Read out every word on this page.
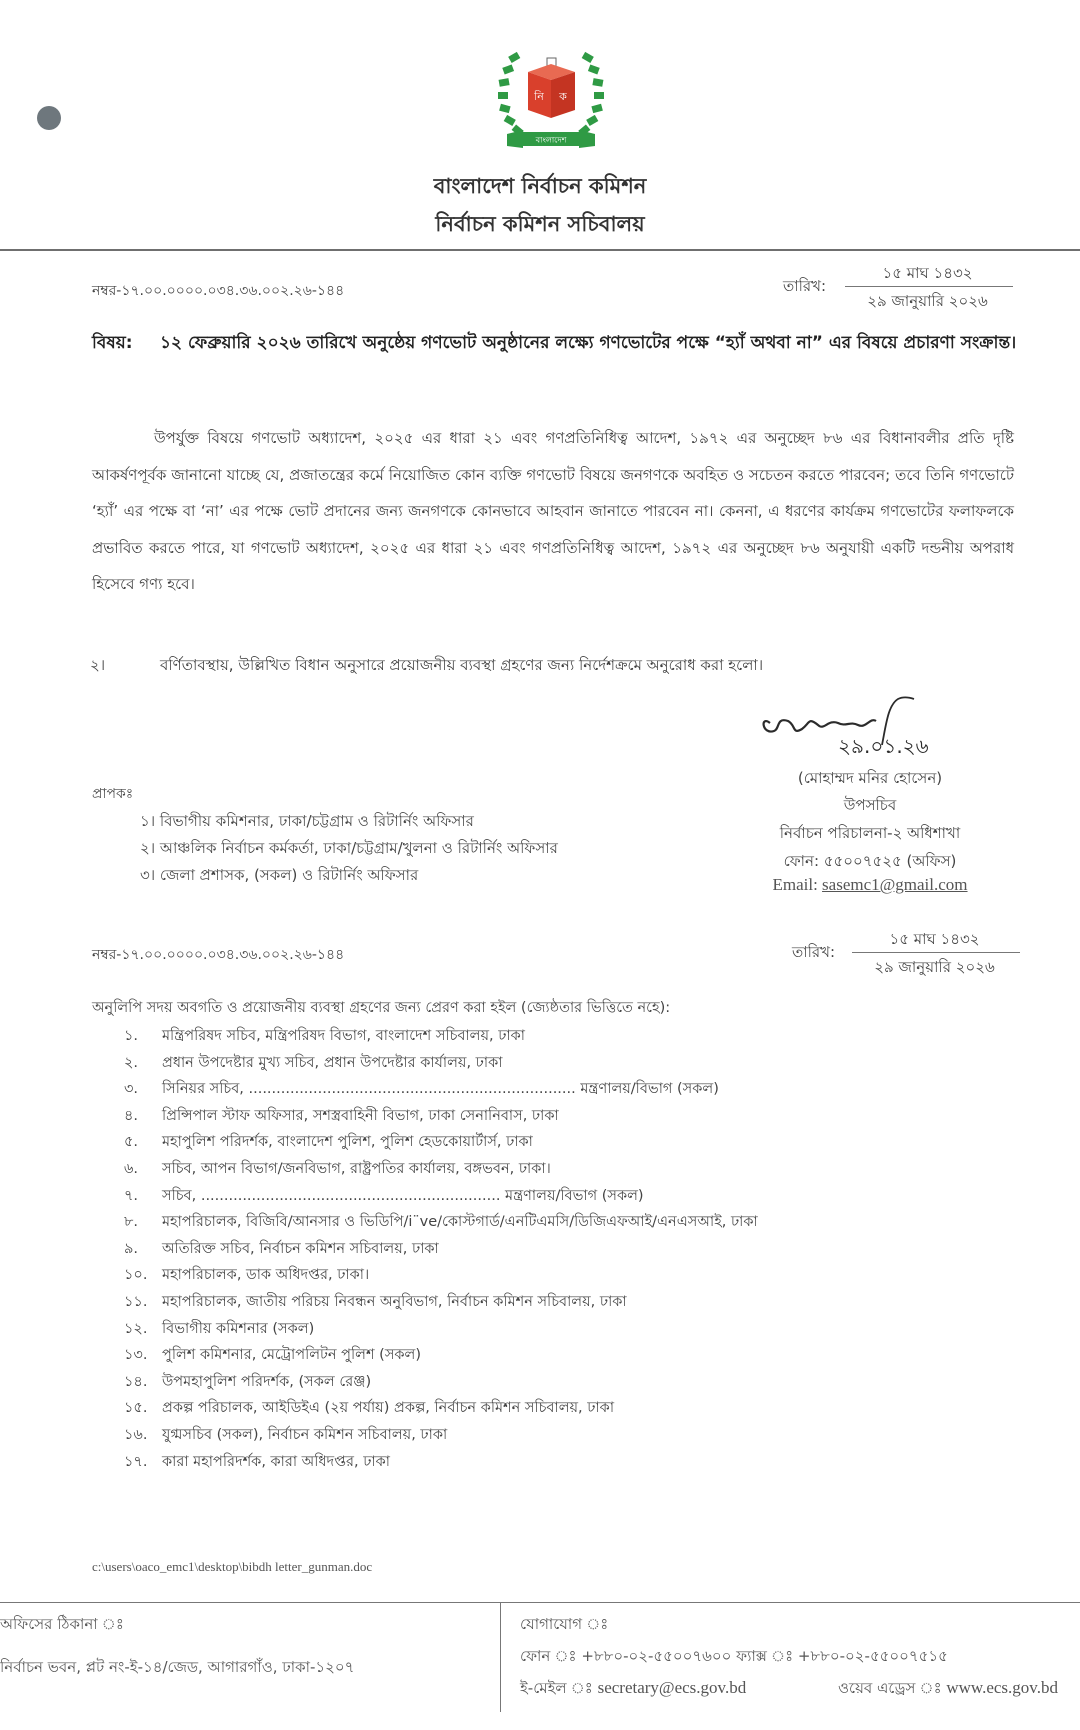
নি ক
বাংলাদেশ
বাংলাদেশ নির্বাচন কমিশন
নির্বাচন কমিশন সচিবালয়
নম্বর-১৭.০০.০০০০.০৩৪.৩৬.০০২.২৬-১৪৪	তারিখ:
১৫ মাঘ ১৪৩২
২৯ জানুয়ারি ২০২৬
বিষয়: ১২ ফেব্রুয়ারি ২০২৬ তারিখে অনুষ্ঠেয় গণভোট অনুষ্ঠানের লক্ষ্যে গণভোটের পক্ষে “হ্যাঁ অথবা না” এর বিষয়ে প্রচারণা সংক্রান্ত।
উপর্যুক্ত বিষয়ে গণভোট অধ্যাদেশ, ২০২৫ এর ধারা ২১ এবং গণপ্রতিনিধিত্ব আদেশ, ১৯৭২ এর অনুচ্ছেদ ৮৬ এর বিধানাবলীর প্রতি দৃষ্টি আকর্ষণপূর্বক জানানো যাচ্ছে যে, প্রজাতন্ত্রের কর্মে নিয়োজিত কোন ব্যক্তি গণভোট বিষয়ে জনগণকে অবহিত ও সচেতন করতে পারবেন; তবে তিনি গণভোটে ‘হ্যাঁ’ এর পক্ষে বা ‘না’ এর পক্ষে ভোট প্রদানের জন্য জনগণকে কোনভাবে আহবান জানাতে পারবেন না। কেননা, এ ধরণের কার্যক্রম গণভোটের ফলাফলকে প্রভাবিত করতে পারে, যা গণভোট অধ্যাদেশ, ২০২৫ এর ধারা ২১ এবং গণপ্রতিনিধিত্ব আদেশ, ১৯৭২ এর অনুচ্ছেদ ৮৬ অনুযায়ী একটি দন্ডনীয় অপরাধ হিসেবে গণ্য হবে।
২।	বর্ণিতাবস্থায়, উল্লিখিত বিধান অনুসারে প্রয়োজনীয় ব্যবস্থা গ্রহণের জন্য নির্দেশক্রমে অনুরোধ করা হলো।
২৯.০১.২৬
(মোহাম্মদ মনির হোসেন)
উপসচিব
নির্বাচন পরিচালনা-২ অধিশাখা
ফোন: ৫৫০০৭৫২৫ (অফিস)
Email: sasemc1@gmail.com
প্রাপকঃ
১। বিভাগীয় কমিশনার, ঢাকা/চট্টগ্রাম ও রিটার্নিং অফিসার
২। আঞ্চলিক নির্বাচন কর্মকর্তা, ঢাকা/চট্টগ্রাম/খুলনা ও রিটার্নিং অফিসার
৩। জেলা প্রশাসক, (সকল) ও রিটার্নিং অফিসার
নম্বর-১৭.০০.০০০০.০৩৪.৩৬.০০২.২৬-১৪৪	তারিখ:
১৫ মাঘ ১৪৩২
২৯ জানুয়ারি ২০২৬
অনুলিপি সদয় অবগতি ও প্রয়োজনীয় ব্যবস্থা গ্রহণের জন্য প্রেরণ করা হইল (জ্যেষ্ঠতার ভিত্তিতে নহে):
১. মন্ত্রিপরিষদ সচিব, মন্ত্রিপরিষদ বিভাগ, বাংলাদেশ সচিবালয়, ঢাকা
২. প্রধান উপদেষ্টার মুখ্য সচিব, প্রধান উপদেষ্টার কার্যালয়, ঢাকা
৩. সিনিয়র সচিব, ....................................................................... মন্ত্রণালয়/বিভাগ (সকল)
৪. প্রিন্সিপাল স্টাফ অফিসার, সশস্ত্রবাহিনী বিভাগ, ঢাকা সেনানিবাস, ঢাকা
৫. মহাপুলিশ পরিদর্শক, বাংলাদেশ পুলিশ, পুলিশ হেডকোয়ার্টার্স, ঢাকা
৬. সচিব, আপন বিভাগ/জনবিভাগ, রাষ্ট্রপতির কার্যালয়, বঙ্গভবন, ঢাকা।
৭. সচিব, ................................................................. মন্ত্রণালয়/বিভাগ (সকল)
৮. মহাপরিচালক, বিজিবি/আনসার ও ভিডিপি/i¨ve/কোস্টগার্ড/এনটিএমসি/ডিজিএফআই/এনএসআই, ঢাকা
৯. অতিরিক্ত সচিব, নির্বাচন কমিশন সচিবালয়, ঢাকা
১০. মহাপরিচালক, ডাক অধিদপ্তর, ঢাকা।
১১. মহাপরিচালক, জাতীয় পরিচয় নিবন্ধন অনুবিভাগ, নির্বাচন কমিশন সচিবালয়, ঢাকা
১২. বিভাগীয় কমিশনার (সকল)
১৩. পুলিশ কমিশনার, মেট্রোপলিটন পুলিশ (সকল)
১৪. উপমহাপুলিশ পরিদর্শক, (সকল রেঞ্জ)
১৫. প্রকল্প পরিচালক, আইডিইএ (২য় পর্যায়) প্রকল্প, নির্বাচন কমিশন সচিবালয়, ঢাকা
১৬. যুগ্মসচিব (সকল), নির্বাচন কমিশন সচিবালয়, ঢাকা
১৭. কারা মহাপরিদর্শক, কারা অধিদপ্তর, ঢাকা
c:\users\oaco_emc1\desktop\bibdh letter_gunman.doc
অফিসের ঠিকানা ঃ
নির্বাচন ভবন, প্লট নং-ই-১৪/জেড, আগারগাঁও, ঢাকা-১২০৭
যোগাযোগ ঃ
ফোন ঃ +৮৮০-০২-৫৫০০৭৬০০ ফ্যাক্স ঃ +৮৮০-০২-৫৫০০৭৫১৫
ই-মেইল ঃ secretary@ecs.gov.bd	ওয়েব এড্রেস ঃ www.ecs.gov.bd
